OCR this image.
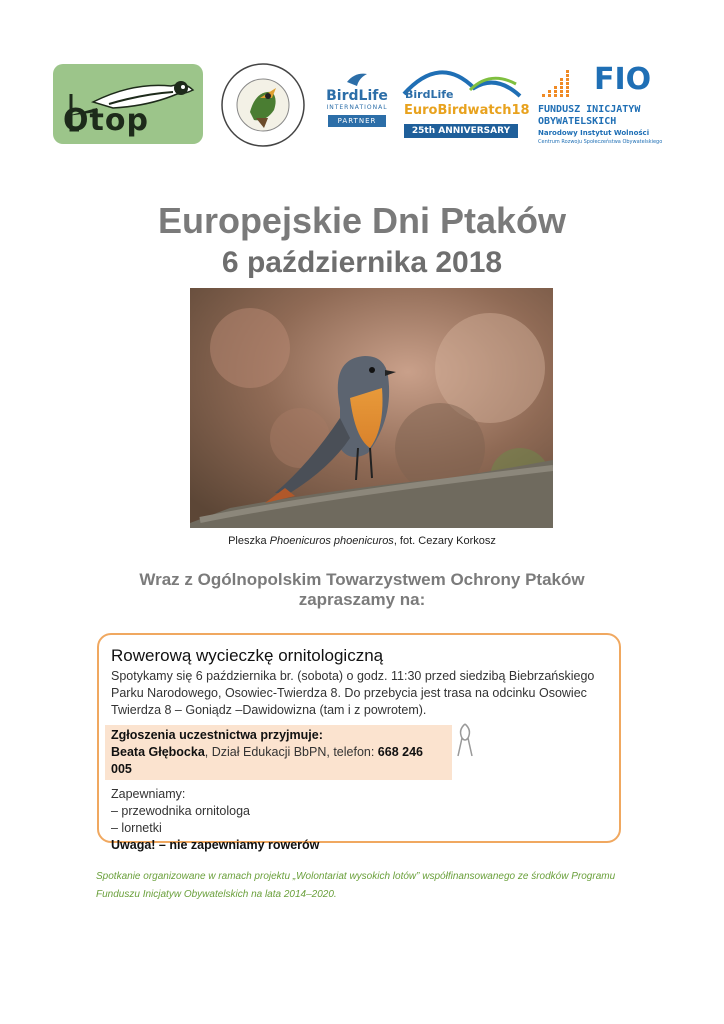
Otop
BirdLife
INTERNATIONAL
PARTNER
BirdLife
EuroBirdwatch18
25th ANNIVERSARY
FIO
FUNDUSZ INICJATYW
OBYWATELSKICH
Narodowy Instytut Wolności
Centrum Rozwoju Społeczeństwa Obywatelskiego
Europejskie Dni Ptaków
6 października 2018
Pleszka Phoenicuros phoenicuros, fot. Cezary Korkosz
Wraz z Ogólnopolskim Towarzystwem Ochrony Ptaków
zapraszamy na:
Rowerową wycieczkę ornitologiczną
Spotykamy się 6 października br. (sobota) o godz. 11:30 przed siedzibą Biebrzańskiego Parku Narodowego, Osowiec-Twierdza 8. Do przebycia jest trasa na odcinku Osowiec Twierdza 8 – Goniądz –Dawidowizna (tam i z powrotem).
Zgłoszenia uczestnictwa przyjmuje:
Beata Głębocka, Dział Edukacji BbPN, telefon: 668 246 005
Zapewniamy:
– przewodnika ornitologa
– lornetki
Uwaga! – nie zapewniamy rowerów
Spotkanie organizowane w ramach projektu „Wolontariat wysokich lotów” współfinansowanego ze środków Programu Funduszu Inicjatyw Obywatelskich na lata 2014–2020.
